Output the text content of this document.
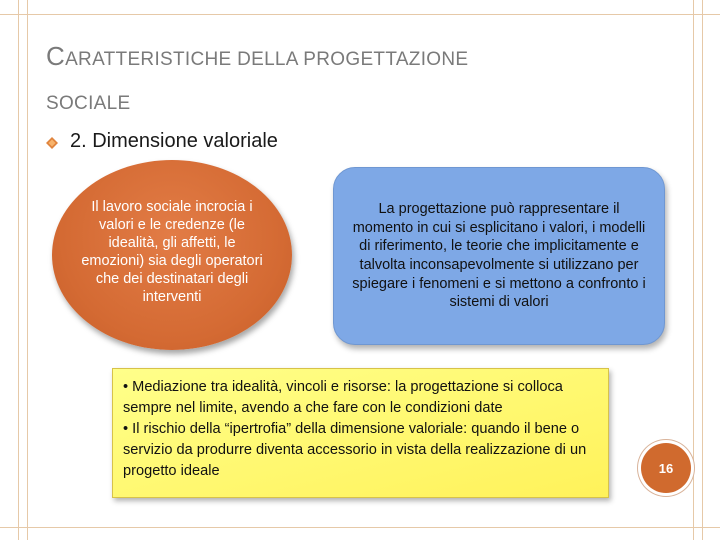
CARATTERISTICHE DELLA PROGETTAZIONE
SOCIALE
2. Dimensione valoriale
Il lavoro sociale incrocia i valori e le credenze (le idealità, gli affetti, le emozioni) sia degli operatori che dei destinatari degli interventi
La progettazione può rappresentare il momento in cui si esplicitano i valori, i modelli di riferimento, le teorie che implicitamente e talvolta inconsapevolmente si utilizzano per spiegare i fenomeni e si mettono a confronto i sistemi di valori
• Mediazione tra idealità, vincoli e risorse: la progettazione si colloca sempre nel limite, avendo a che fare con le condizioni date
• Il rischio della “ipertrofia” della dimensione valoriale: quando il bene o servizio da produrre diventa accessorio in vista della realizzazione di un progetto ideale	16
